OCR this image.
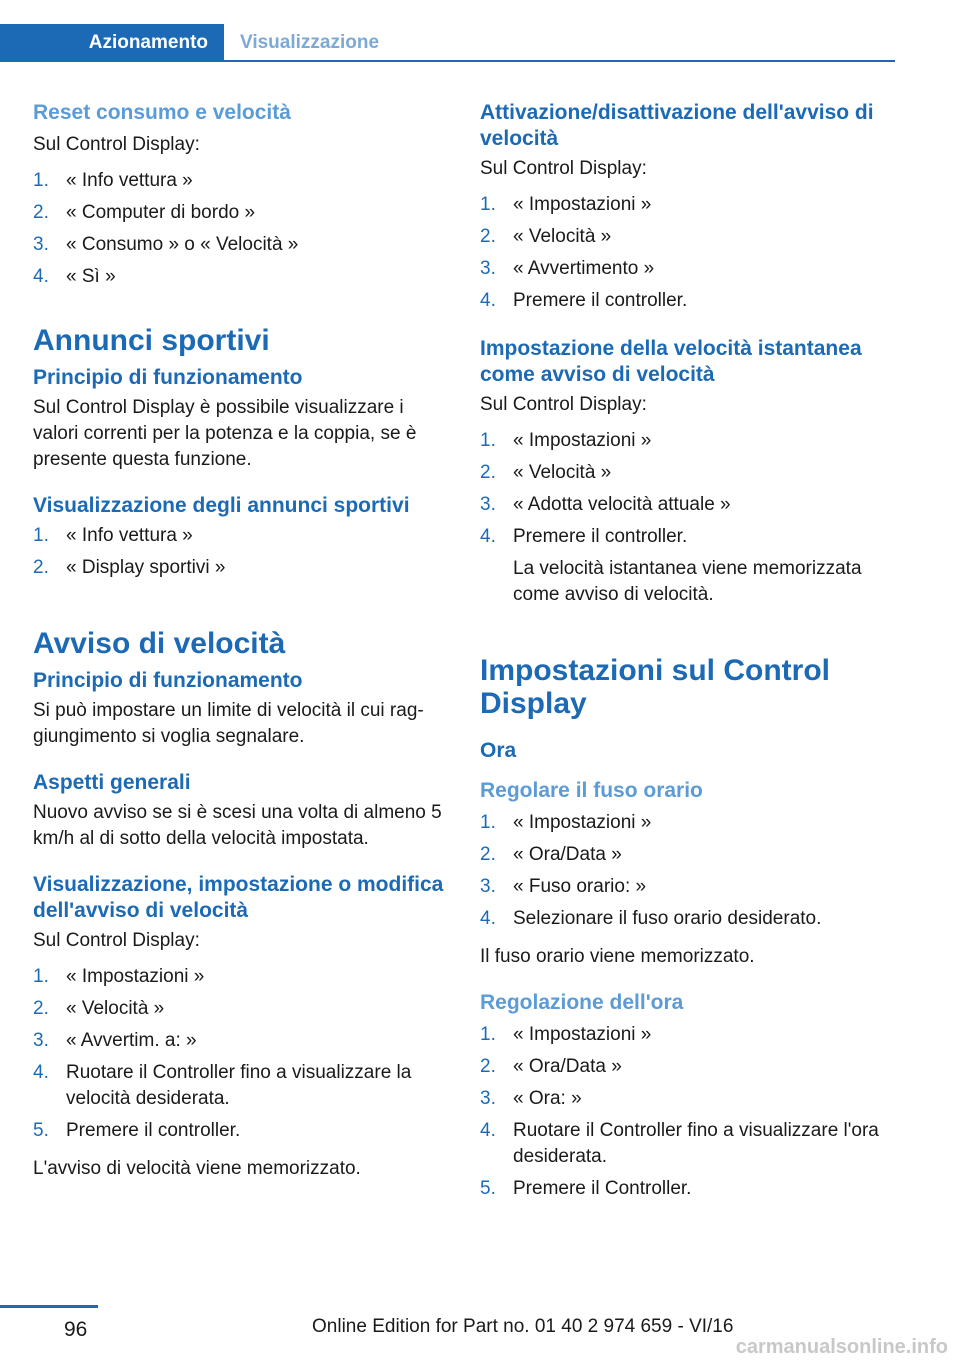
Azionamento	Visualizzazione
Reset consumo e velocità

Sul Control Display:

1. « Info vettura »
2. « Computer di bordo »
3. « Consumo » o « Velocità »
4. « Sì »
Annunci sportivi
Principio di funzionamento

Sul Control Display è possibile visualizzare i valori correnti per la potenza e la coppia, se è presente questa funzione.

Visualizzazione degli annunci sportivi
1. « Info vettura »
2. « Display sportivi »
Avviso di velocità
Principio di funzionamento

Si può impostare un limite di velocità il cui raggiungimento si voglia segnalare.

Aspetti generali

Nuovo avviso se si è scesi una volta di almeno 5 km/h al di sotto della velocità impostata.

Visualizzazione, impostazione o modifica dell'avviso di velocità

Sul Control Display:

1. « Impostazioni »
2. « Velocità »
3. « Avvertim. a: »
4. Ruotare il Controller fino a visualizzare la velocità desiderata.
5. Premere il controller.

L'avviso di velocità viene memorizzato.

Attivazione/disattivazione dell'avviso di velocità

Sul Control Display:

1. « Impostazioni »
2. « Velocità »
3. « Avvertimento »
4. Premere il controller.
Impostazione della velocità istantanea come avviso di velocità

Sul Control Display:

1. « Impostazioni »
2. « Velocità »
3. « Adotta velocità attuale »
4. Premere il controller.
La velocità istantanea viene memorizzata come avviso di velocità.
Impostazioni sul Control Display
Ora
Regolare il fuso orario
1. « Impostazioni »
2. « Ora/Data »
3. « Fuso orario: »
4. Selezionare il fuso orario desiderato.

Il fuso orario viene memorizzato.

Regolazione dell'ora
1. « Impostazioni »
2. « Ora/Data »
3. « Ora: »
4. Ruotare il Controller fino a visualizzare l'ora desiderata.
5. Premere il Controller.
96	Online Edition for Part no. 01 40 2 974 659 - VI/16
carmanualsonline.info
